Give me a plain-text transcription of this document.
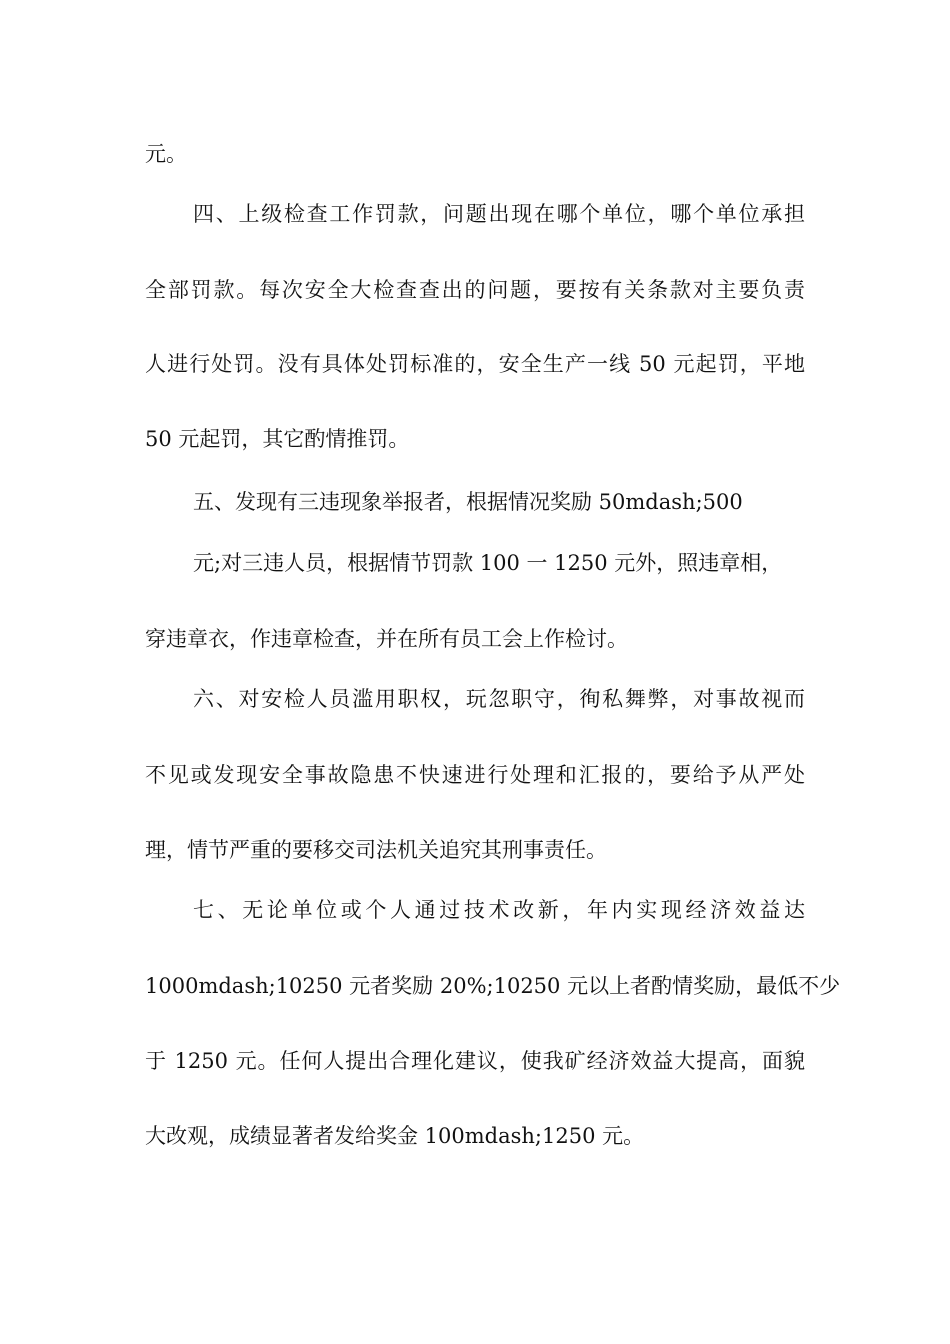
元。
四、上级检查工作罚款，问题出现在哪个单位，哪个单位承担
全部罚款。每次安全大检查查出的问题，要按有关条款对主要负责
人进行处罚。没有具体处罚标准的，安全生产一线 50 元起罚，平地
50 元起罚，其它酌情推罚。
五、发现有三违现象举报者，根据情况奖励 50mdash;500
元;对三违人员，根据情节罚款 100 一 1250 元外，照违章相，
穿违章衣，作违章检查，并在所有员工会上作检讨。
六、对安检人员滥用职权，玩忽职守，徇私舞弊，对事故视而
不见或发现安全事故隐患不快速进行处理和汇报的，要给予从严处
理，情节严重的要移交司法机关追究其刑事责任。
七、无论单位或个人通过技术改新，年内实现经济效益达
1000mdash;10250 元者奖励 20%;10250 元以上者酌情奖励，最低不少
于 1250 元。任何人提出合理化建议，使我矿经济效益大提高，面貌
大改观，成绩显著者发给奖金 100mdash;1250 元。
